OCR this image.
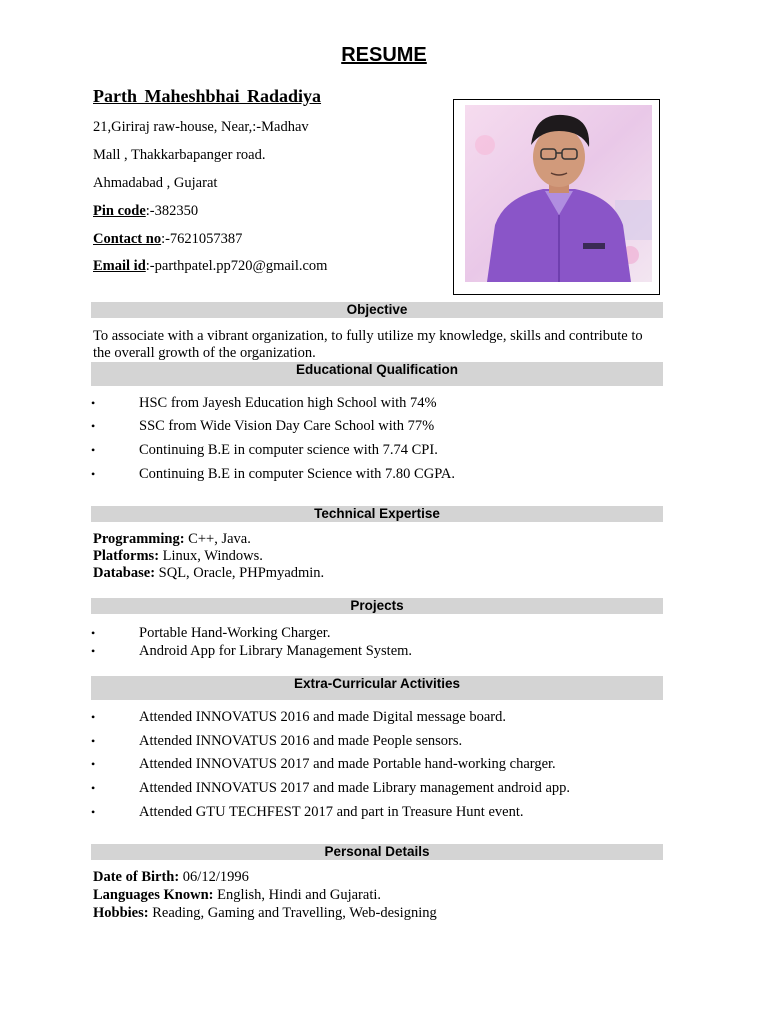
RESUME
Parth Maheshbhai Radadiya
21,Giriraj raw-house, Near,:-Madhav
Mall , Thakkarbapanger road.
Ahmadabad , Gujarat
Pin code:-382350
Contact no:-7621057387
Email id:-parthpatel.pp720@gmail.com
Objective
To associate with a vibrant organization, to fully utilize my knowledge, skills and contribute to the overall growth of the organization.
Educational Qualification
•	HSC from Jayesh Education high School with 74%
•	SSC from Wide Vision Day Care School with 77%
•	Continuing B.E in computer science with 7.74 CPI.
•	Continuing B.E in computer Science with 7.80 CGPA.
Technical Expertise
Programming: C++, Java.
Platforms: Linux, Windows.
Database: SQL, Oracle, PHPmyadmin.
Projects
•	Portable Hand-Working Charger.
•	Android App for Library Management System.
Extra-Curricular Activities
•	Attended INNOVATUS 2016 and made Digital message board.
•	Attended INNOVATUS 2016 and made People sensors.
•	Attended INNOVATUS 2017 and made Portable hand-working charger.
•	Attended INNOVATUS 2017 and made Library management android app.
•	Attended GTU TECHFEST 2017 and part in Treasure Hunt event.
Personal Details
Date of Birth: 06/12/1996
Languages Known: English, Hindi and Gujarati.
Hobbies: Reading, Gaming and Travelling, Web-designing
